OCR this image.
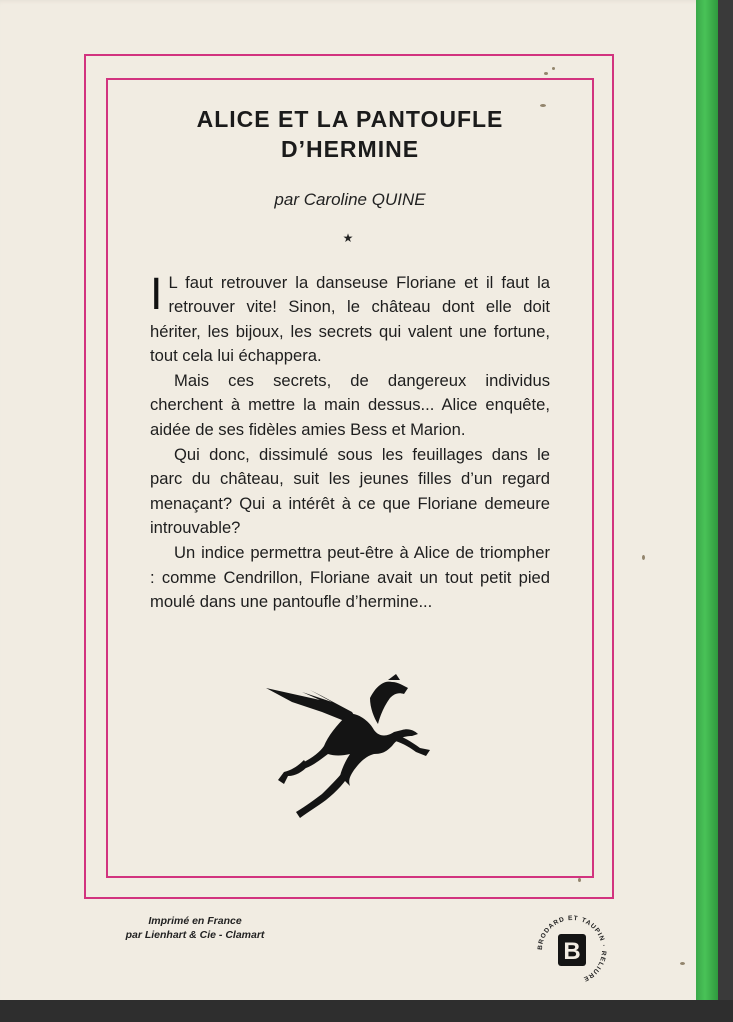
ALICE ET LA PANTOUFLE
D’HERMINE
par Caroline QUINE
★

I L faut retrouver la danseuse Floriane et il faut la retrouver vite! Sinon, le château dont elle doit hériter, les bijoux, les secrets qui valent une fortune, tout cela lui échappera.

Mais ces secrets, de dangereux individus cherchent à mettre la main dessus... Alice enquête, aidée de ses fidèles amies Bess et Marion.

Qui donc, dissimulé sous les feuillages dans le parc du château, suit les jeunes filles d’un regard menaçant? Qui a intérêt à ce que Floriane demeure introuvable?

Un indice permettra peut-être à Alice de triompher : comme Cendrillon, Floriane avait un tout petit pied moulé dans une pantoufle d’hermine...

Imprimé en France
par Lienhart & Cie - Clamart
BRODARD ET TAUPIN · RELIURE
B
